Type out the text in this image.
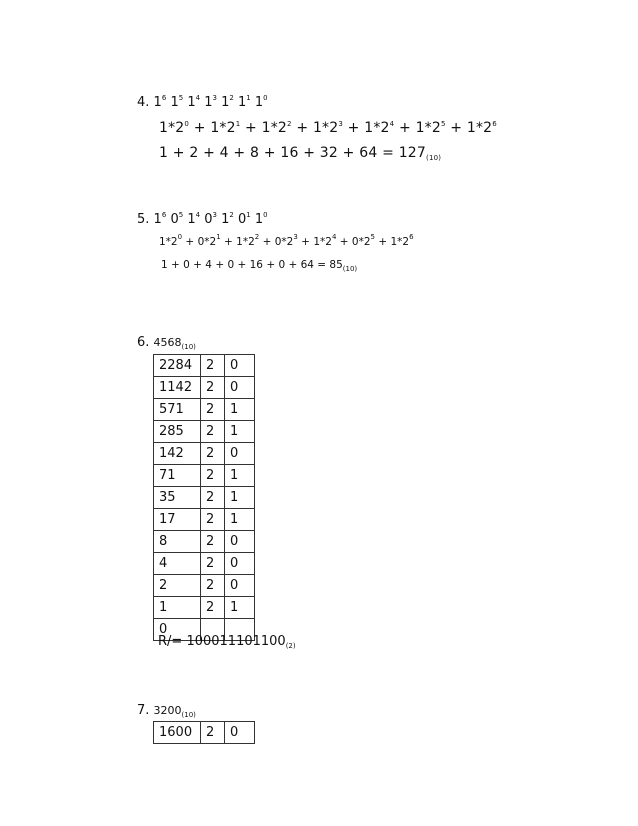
4. $1^6$ $1^5$ $1^4$ $1^3$ $1^2$ $1^1$ $1^0$
$1*2^0 + 1*2^1 + 1*2^2 + 1*2^3 + 1*2^4 + 1*2^5 + 1*2^6$
$1 + 2 + 4 + 8 + 16 + 32 + 64 = 127_{(10)}$
5. $1^6$ $0^5$ $1^4$ $0^3$ $1^2$ $0^1$ $1^0$
$1*2^0 + 0*2^1 + 1*2^2 + 0*2^3 + 1*2^4 + 0*2^5 + 1*2^6$
$1 + 0 + 4 + 0 + 16 + 0 + 64 = 85_{(10)}$
6. $4568_{(10)}$
2284	2	0
1142	2	0
571	2	1
285	2	1
142	2	0
71	2	1
35	2	1
17	2	1
8	2	0
4	2	0
2	2	0
1	2	1
0		
$R/= 100011101100_{(2)}$
7. $3200_{(10)}$
1600	2	0
